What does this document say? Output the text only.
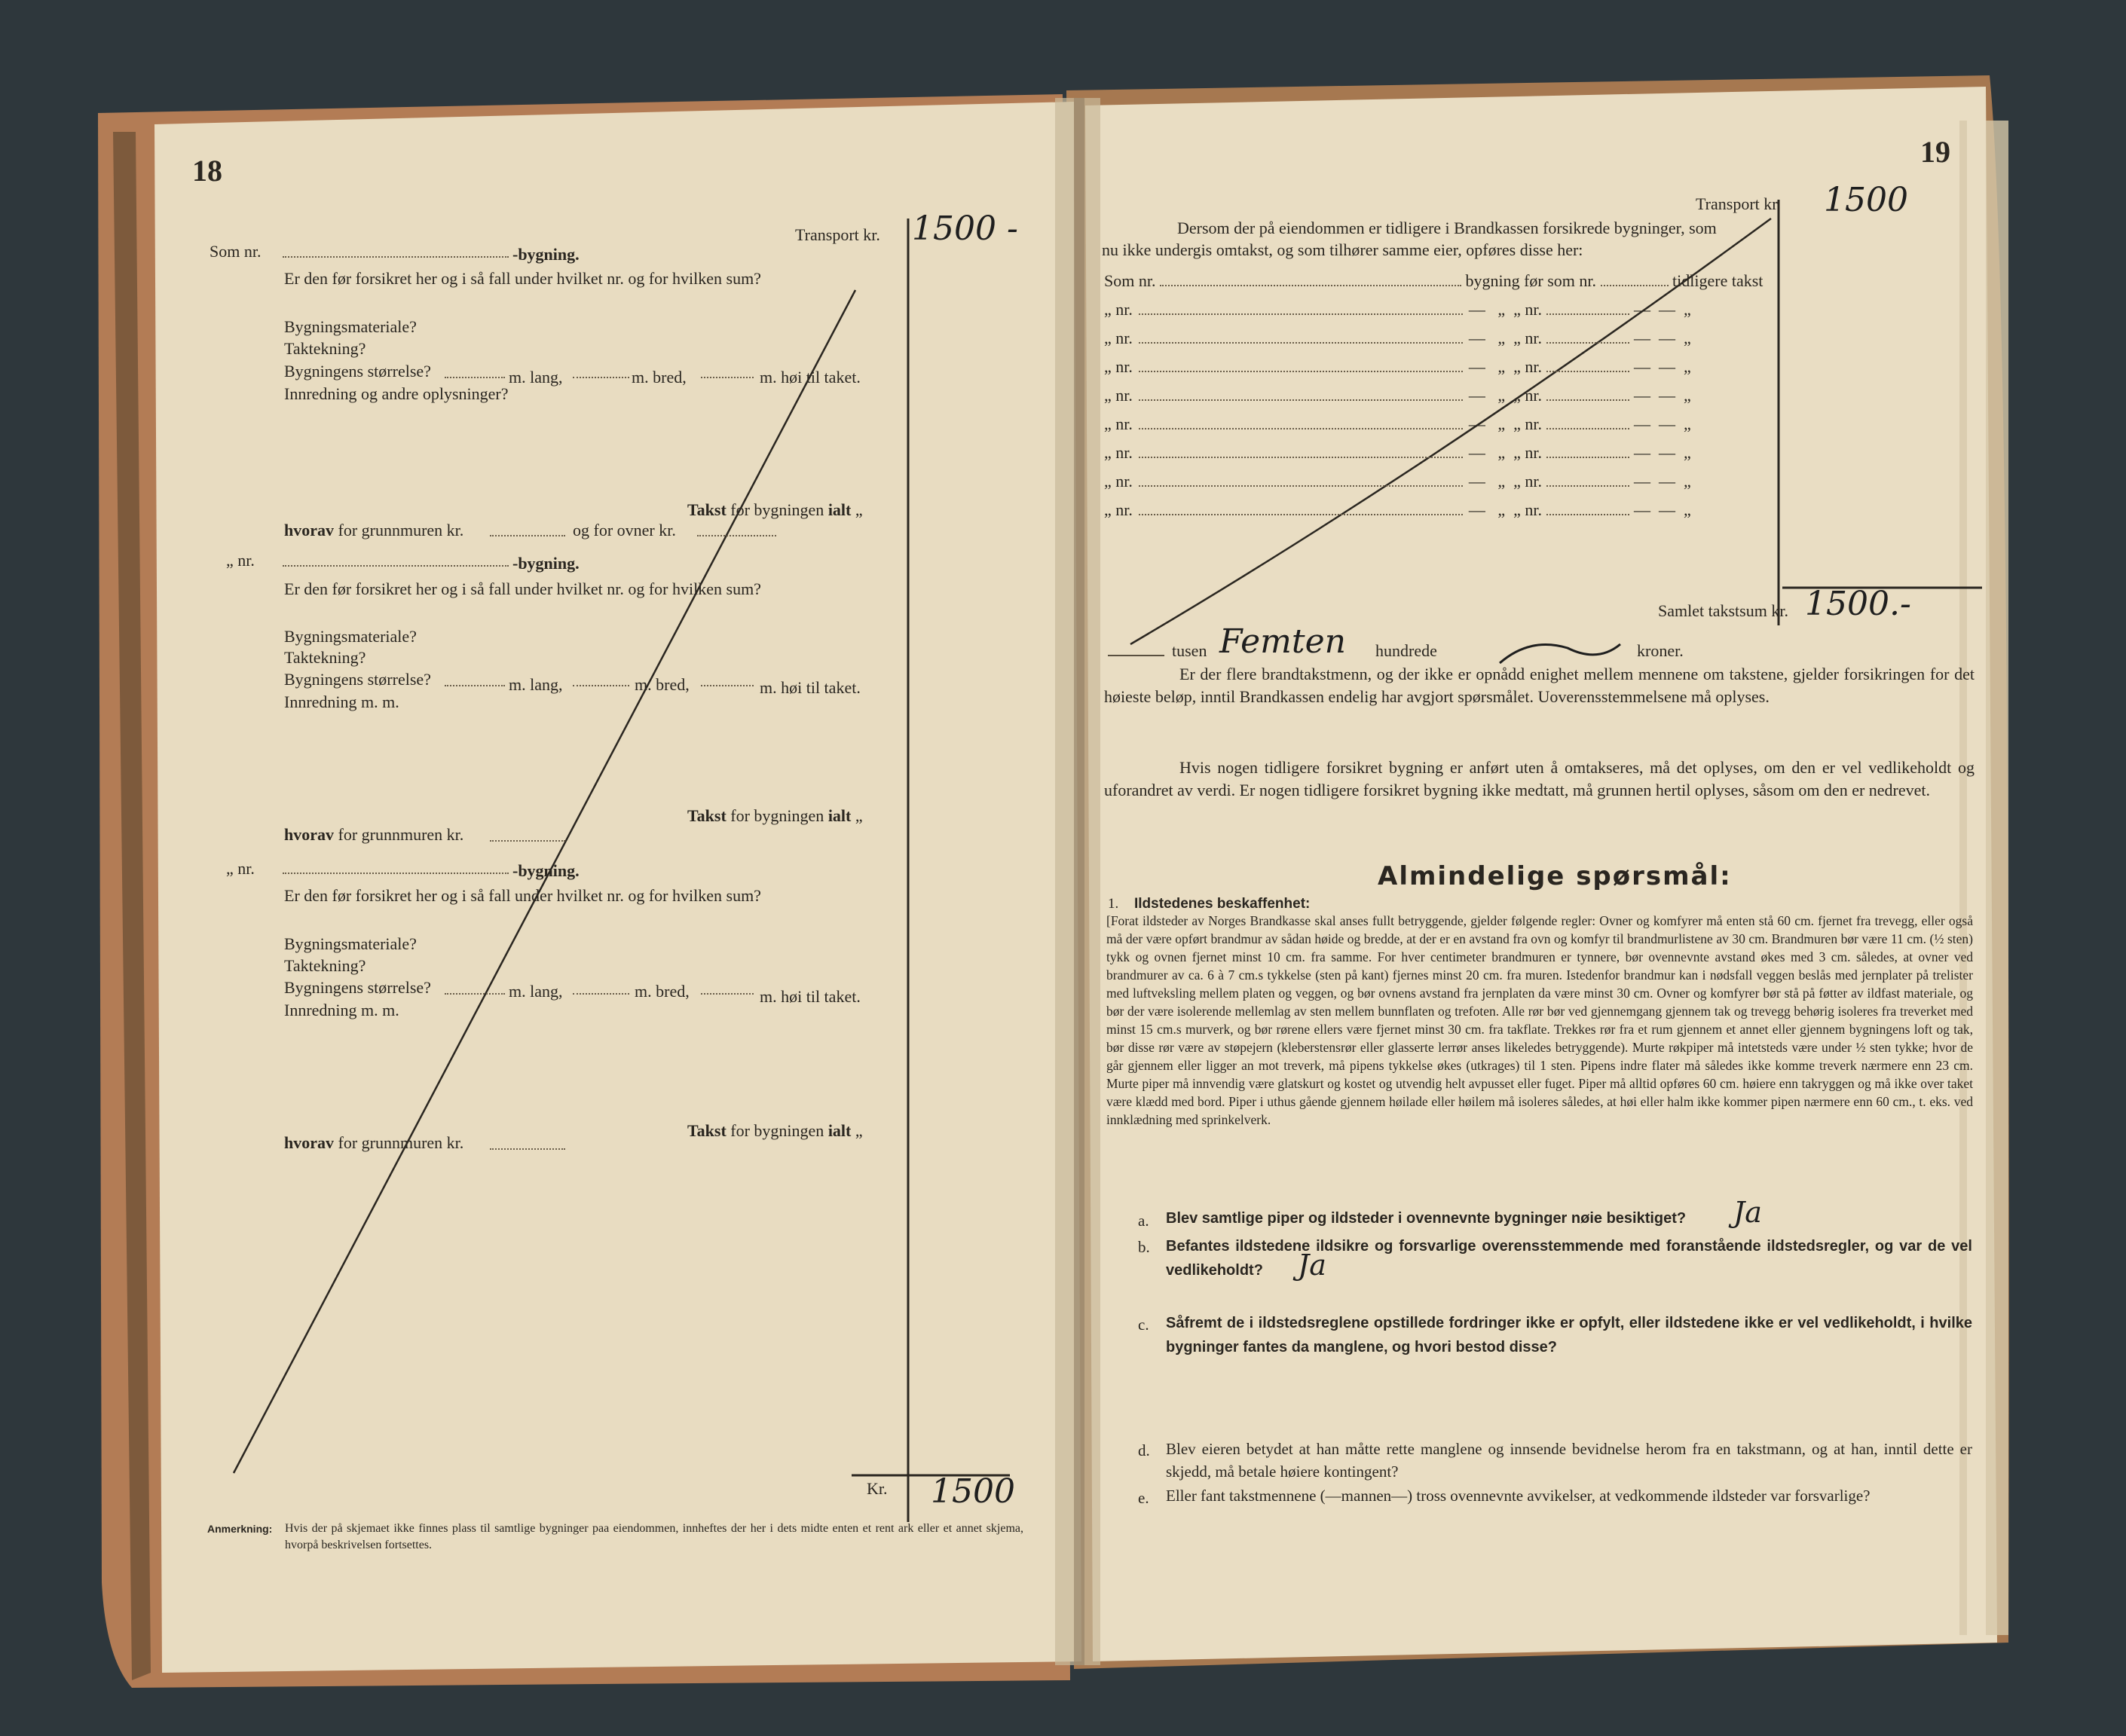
18
Transport kr. 1500 -
Som nr.	-bygning.
Er den før forsikret her og i så fall under hvilket nr. og for hvilken sum?
Bygningsmateriale?
Taktekning?
Bygningens størrelse?	m. lang,	m. bred,	m. høi til taket.
Innredning og andre oplysninger?
Takst for bygningen ialt „
hvorav for grunnmuren kr.	og for ovner kr.
„ nr.	-bygning.
Er den før forsikret her og i så fall under hvilket nr. og for hvilken sum?
Bygningsmateriale?
Taktekning?
Bygningens størrelse?	m. lang,	m. bred,	m. høi til taket.
Innredning m. m.
Takst for bygningen ialt „
hvorav for grunnmuren kr.
„ nr.	-bygning.
Er den før forsikret her og i så fall under hvilket nr. og for hvilken sum?
Bygningsmateriale?
Taktekning?
Bygningens størrelse?	m. lang,	m. bred,	m. høi til taket.
Innredning m. m.
Takst for bygningen ialt „
hvorav for grunnmuren kr.
Kr. 1500
Anmerkning: Hvis der på skjemaet ikke finnes plass til samtlige bygninger paa eiendommen, innheftes der her i dets midte enten et rent ark eller et annet skjema, hvorpå beskrivelsen fortsettes.
19
Transport kr. 1500
Dersom der på eiendommen er tidligere i Brandkassen forsikrede bygninger, som
nu ikke undergis omtakst, og som tilhører samme eier, opføres disse her:
Som nr.	bygning før som nr.	tidligere takst
„ nr.	— „ „ nr.	— — „
„ nr.	— „ „ nr.	— — „
„ nr.	— „ „ nr.	— — „
„ nr.	— „ „ nr.	— — „
„ nr.	— „ „ nr.	— — „
„ nr.	— „ „ nr.	— — „
„ nr.	— „ „ nr.	— — „
„ nr.	— „ „ nr.	— — „
Samlet takstsum kr. 1500.-
tusen Femten hundrede	kroner.
Er der flere brandtakstmenn, og der ikke er opnådd enighet mellem mennene om takstene, gjelder forsikringen for det høieste beløp, inntil Brandkassen endelig har avgjort spørsmålet. Uoverensstemmelsene må oplyses.
Hvis nogen tidligere forsikret bygning er anført uten å omtakseres, må det oplyses, om den er vel vedlikeholdt og uforandret av verdi. Er nogen tidligere forsikret bygning ikke medtatt, må grunnen hertil oplyses, såsom om den er nedrevet.
Almindelige spørsmål:
1. Ildstedenes beskaffenhet:
[Forat ildsteder av Norges Brandkasse skal anses fullt betryggende, gjelder følgende regler: Ovner og komfyrer må enten stå 60 cm. fjernet fra trevegg, eller også må der være opført brandmur av sådan høide og bredde, at der er en avstand fra ovn og komfyr til brandmurlistene av 30 cm. Brandmuren bør være 11 cm. (½ sten) tykk og ovnen fjernet minst 10 cm. fra samme. For hver centimeter brandmuren er tynnere, bør ovennevnte avstand økes med 3 cm. således, at ovner ved brandmurer av ca. 6 à 7 cm.s tykkelse (sten på kant) fjernes minst 20 cm. fra muren. Istedenfor brandmur kan i nødsfall veggen beslås med jernplater på trelister med luftveksling mellem platen og veggen, og bør ovnens avstand fra jernplaten da være minst 30 cm. Ovner og komfyrer bør stå på føtter av ildfast materiale, og bør der være isolerende mellemlag av sten mellem bunnflaten og trefoten. Alle rør bør ved gjennemgang gjennem tak og trevegg behørig isoleres fra treverket med minst 15 cm.s murverk, og bør rørene ellers være fjernet minst 30 cm. fra takflate. Trekkes rør fra et rum gjennem et annet eller gjennem bygningens loft og tak, bør disse rør være av støpejern (kleberstensrør eller glasserte lerrør anses likeledes betryggende). Murte røkpiper må intetsteds være under ½ sten tykke; hvor de går gjennem eller ligger an mot treverk, må pipens tykkelse økes (utkrages) til 1 sten. Pipens indre flater må således ikke komme treverk nærmere enn 23 cm. Murte piper må innvendig være glatskurt og kostet og utvendig helt avpusset eller fuget. Piper må alltid opføres 60 cm. høiere enn takryggen og må ikke over taket være klædd med bord. Piper i uthus gående gjennem høilade eller høilem må isoleres således, at høi eller halm ikke kommer pipen nærmere enn 60 cm., t. eks. ved innklædning med sprinkelverk.
a. Blev samtlige piper og ildsteder i ovennevnte bygninger nøie besiktiget? Ja
b. Befantes ildstedene ildsikre og forsvarlige overensstemmende med foranstående ildstedsregler, og var de vel vedlikeholdt?	Ja
c. Såfremt de i ildstedsreglene opstillede fordringer ikke er opfylt, eller ildstedene ikke er vel vedlikeholdt, i hvilke bygninger fantes da manglene, og hvori bestod disse?
d. Blev eieren betydet at han måtte rette manglene og innsende bevidnelse herom fra en takstmann, og at han, inntil dette er skjedd, må betale høiere kontingent?
e. Eller fant takstmennene (—mannen—) tross ovennevnte avvikelser, at vedkommende ildsteder var forsvarlige?
